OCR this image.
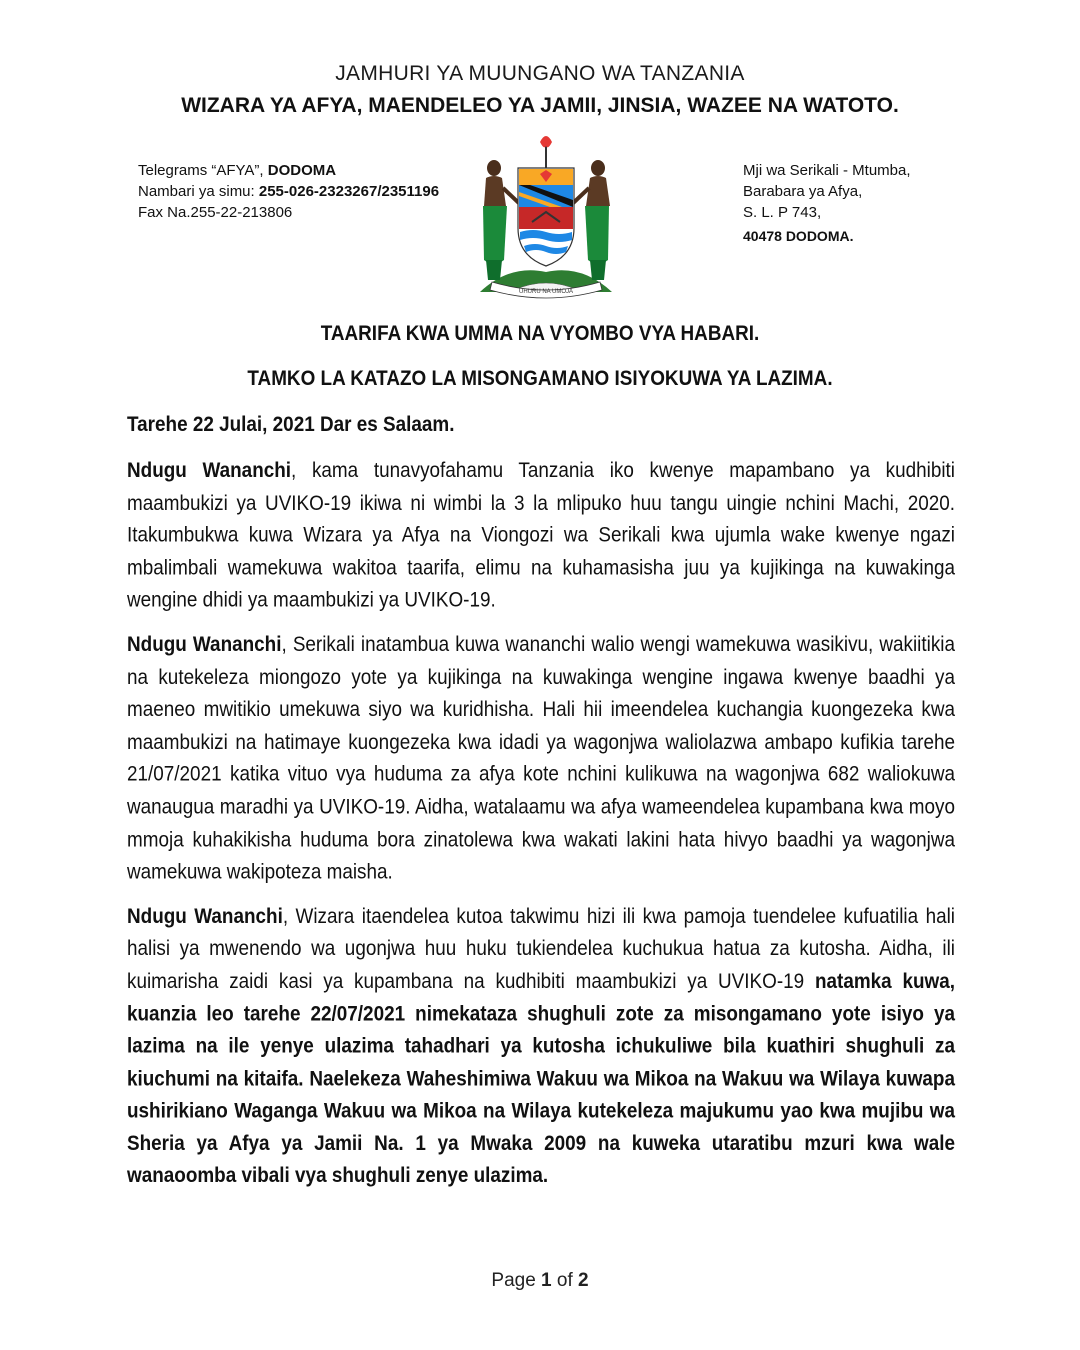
JAMHURI YA MUUNGANO WA TANZANIA
WIZARA YA AFYA, MAENDELEO YA JAMII, JINSIA, WAZEE NA WATOTO.
Telegrams “AFYA”, DODOMA
Nambari ya simu: 255-026-2323267/2351196
Fax Na.255-22-213806
UHURU NA UMOJA
Mji wa Serikali - Mtumba,
Barabara ya Afya,
S. L. P 743,
40478 DODOMA.
TAARIFA KWA UMMA NA VYOMBO VYA HABARI.
TAMKO LA KATAZO LA MISONGAMANO ISIYOKUWA YA LAZIMA.
Tarehe 22 Julai, 2021 Dar es Salaam.

Ndugu Wananchi, kama tunavyofahamu Tanzania iko kwenye mapambano ya kudhibiti maambukizi ya UVIKO-19 ikiwa ni wimbi la 3 la mlipuko huu tangu uingie nchini Machi, 2020. Itakumbukwa kuwa Wizara ya Afya na Viongozi wa Serikali kwa ujumla wake kwenye ngazi mbalimbali wamekuwa wakitoa taarifa, elimu na kuhamasisha juu ya kujikinga na kuwakinga wengine dhidi ya maambukizi ya UVIKO-19.

Ndugu Wananchi, Serikali inatambua kuwa wananchi walio wengi wamekuwa wasikivu, wakiitikia na kutekeleza miongozo yote ya kujikinga na kuwakinga wengine ingawa kwenye baadhi ya maeneo mwitikio umekuwa siyo wa kuridhisha. Hali hii imeendelea kuchangia kuongezeka kwa maambukizi na hatimaye kuongezeka kwa idadi ya wagonjwa waliolazwa ambapo kufikia tarehe 21/07/2021 katika vituo vya huduma za afya kote nchini kulikuwa na wagonjwa 682 waliokuwa wanaugua maradhi ya UVIKO-19. Aidha, watalaamu wa afya wameendelea kupambana kwa moyo mmoja kuhakikisha huduma bora zinatolewa kwa wakati lakini hata hivyo baadhi ya wagonjwa wamekuwa wakipoteza maisha.

Ndugu Wananchi, Wizara itaendelea kutoa takwimu hizi ili kwa pamoja tuendelee kufuatilia hali halisi ya mwenendo wa ugonjwa huu huku tukiendelea kuchukua hatua za kutosha. Aidha, ili kuimarisha zaidi kasi ya kupambana na kudhibiti maambukizi ya UVIKO-19 natamka kuwa, kuanzia leo tarehe 22/07/2021 nimekataza shughuli zote za misongamano yote isiyo ya lazima na ile yenye ulazima tahadhari ya kutosha ichukuliwe bila kuathiri shughuli za kiuchumi na kitaifa. Naelekeza Waheshimiwa Wakuu wa Mikoa na Wakuu wa Wilaya kuwapa ushirikiano Waganga Wakuu wa Mikoa na Wilaya kutekeleza majukumu yao kwa mujibu wa Sheria ya Afya ya Jamii Na. 1 ya Mwaka 2009 na kuweka utaratibu mzuri kwa wale wanaoomba vibali vya shughuli zenye ulazima.

Page 1 of 2
